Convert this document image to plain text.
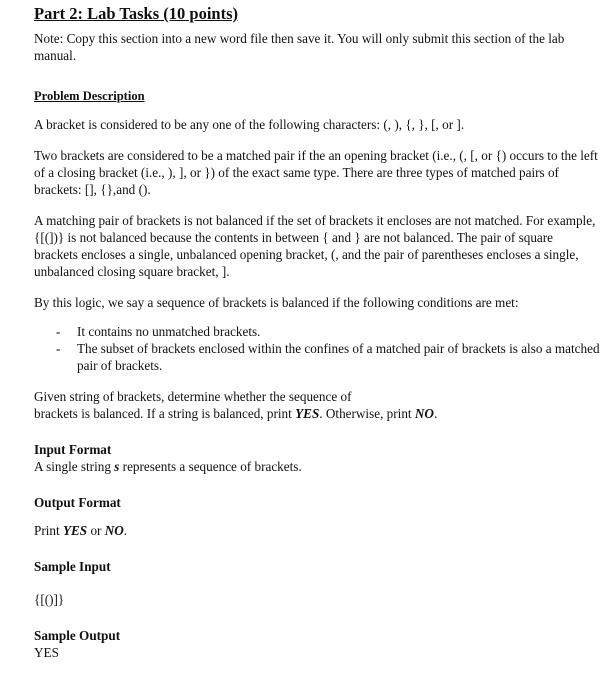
Part 2: Lab Tasks (10 points)

Note: Copy this section into a new word file then save it. You will only submit this section of the lab manual.

Problem Description

A bracket is considered to be any one of the following characters: (, ), {, }, [, or ].

Two brackets are considered to be a matched pair if the an opening bracket (i.e., (, [, or {) occurs to the left of a closing bracket (i.e., ), ], or }) of the exact same type. There are three types of matched pairs of brackets: [], {},and ().

A matching pair of brackets is not balanced if the set of brackets it encloses are not matched. For example, {[(])} is not balanced because the contents in between { and } are not balanced. The pair of square brackets encloses a single, unbalanced opening bracket, (, and the pair of parentheses encloses a single, unbalanced closing square bracket, ].

By this logic, we say a sequence of brackets is balanced if the following conditions are met:

- It contains no unmatched brackets.
- The subset of brackets enclosed within the confines of a matched pair of brackets is also a matched pair of brackets.

Given string of brackets, determine whether the sequence of
brackets is balanced. If a string is balanced, print YES. Otherwise, print NO.

Input Format

A single string s represents a sequence of brackets.

Output Format

Print YES or NO.

Sample Input

{[()]}

Sample Output

YES
